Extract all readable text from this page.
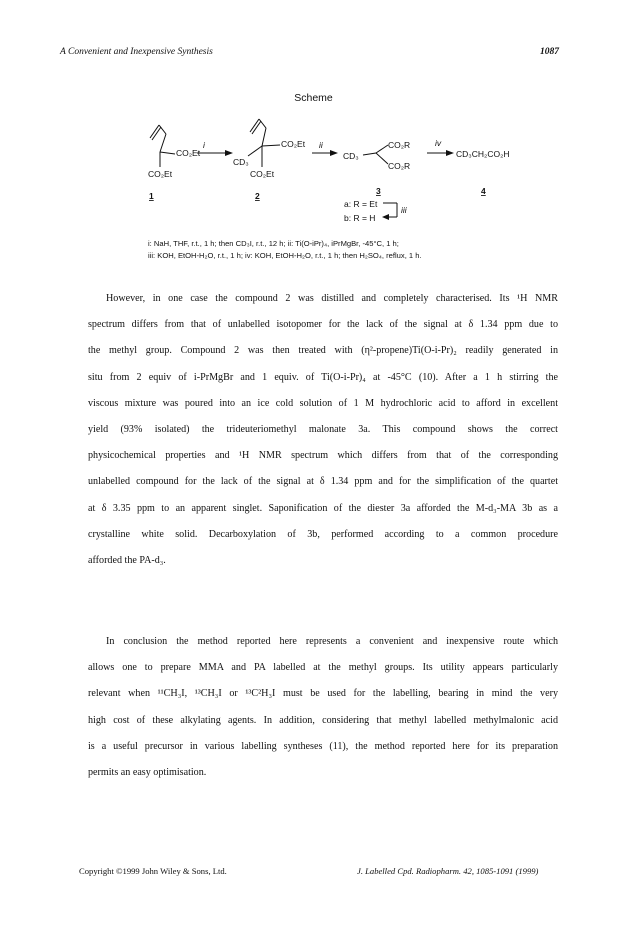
A Convenient and Inexpensive Synthesis	1087
Scheme
CO₂Et
CO₂Et
1
i	CO₂Et
CD₃
CO₂Et
2
ii
CD₃
CO₂R
CO₂R
3
a: R = Et
b: R = H
iii
iv
CD₃CH₂CO₂H
4
i: NaH, THF, r.t., 1 h; then CD₃I, r.t., 12 h; ii: Ti(O-iPr)₄, iPrMgBr, -45°C, 1 h;
iii: KOH, EtOH-H₂O, r.t., 1 h; iv: KOH, EtOH-H₂O, r.t., 1 h; then H₂SO₄, reflux, 1 h.
However, in one case the compound 2 was distilled and completely characterised. Its ¹H NMR
spectrum differs from that of unlabelled isotopomer for the lack of the signal at δ 1.34 ppm due to
the methyl group. Compound 2 was then treated with (η²-propene)Ti(O-i-Pr)₂ readily generated in
situ from 2 equiv of i-PrMgBr and 1 equiv. of Ti(O-i-Pr)₄ at -45°C (10). After a 1 h stirring the
viscous mixture was poured into an ice cold solution of 1 M hydrochloric acid to afford in excellent
yield (93% isolated) the trideuteriomethyl malonate 3a. This compound shows the correct
physicochemical properties and ¹H NMR spectrum which differs from that of the corresponding
unlabelled compound for the lack of the signal at δ 1.34 ppm and for the simplification of the quartet
at δ 3.35 ppm to an apparent singlet. Saponification of the diester 3a afforded the M-d₃-MA 3b as a
crystalline white solid. Decarboxylation of 3b, performed according to a common procedure
afforded the PA-d₃.
In conclusion the method reported here represents a convenient and inexpensive route which
allows one to prepare MMA and PA labelled at the methyl groups. Its utility appears particularly
relevant when ¹¹CH₃I, ¹³CH₃I or ¹³C²H₃I must be used for the labelling, bearing in mind the very
high cost of these alkylating agents. In addition, considering that methyl labelled methylmalonic acid
is a useful precursor in various labelling syntheses (11), the method reported here for its preparation
permits an easy optimisation.
Copyright ©1999 John Wiley & Sons, Ltd.	J. Labelled Cpd. Radiopharm. 42, 1085-1091 (1999)
